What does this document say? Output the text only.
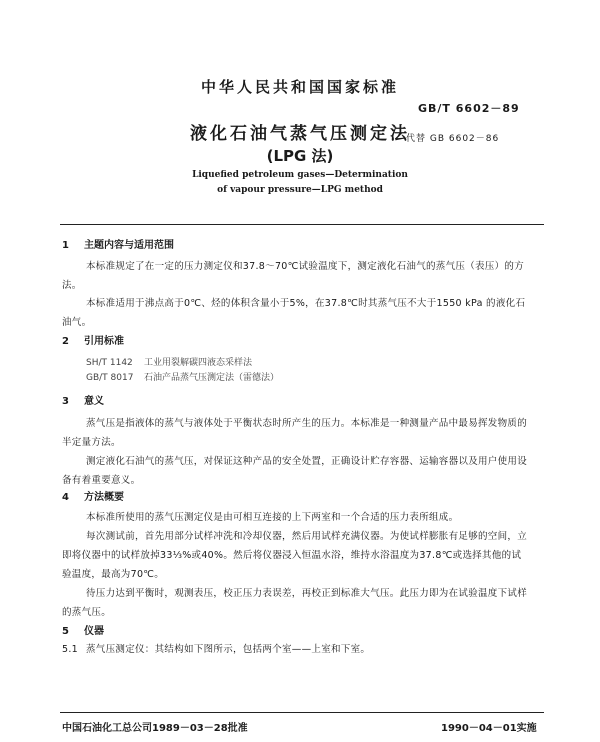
中华人民共和国国家标准
GB/T 6602－89
液化石油气蒸气压测定法
代替 GB 6602－86
(LPG 法)
Liquefied petroleum gases—Determination
of vapour pressure—LPG method
1 主题内容与适用范围
本标准规定了在一定的压力测定仪和37.8～70℃试验温度下，测定液化石油气的蒸气压（表压）的方法。
本标准适用于沸点高于0℃、烃的体积含量小于5%，在37.8℃时其蒸气压不大于1550 kPa 的液化石油气。
2 引用标准
SH/T 1142 工业用裂解碳四液态采样法
GB/T 8017 石油产品蒸气压测定法（雷德法）
3 意义
蒸气压是指液体的蒸气与液体处于平衡状态时所产生的压力。本标准是一种测量产品中最易挥发物质的半定量方法。
测定液化石油气的蒸气压，对保证这种产品的安全处置，正确设计贮存容器、运输容器以及用户使用设备有着重要意义。
4 方法概要
本标准所使用的蒸气压测定仪是由可相互连接的上下两室和一个合适的压力表所组成。
每次测试前，首先用部分试样冲洗和冷却仪器，然后用试样充满仪器。为使试样膨胀有足够的空间，立即将仪器中的试样放掉33⅓%或40%。然后将仪器浸入恒温水浴，维持水浴温度为37.8℃或选择其他的试验温度，最高为70℃。
待压力达到平衡时，观测表压，校正压力表误差，再校正到标准大气压。此压力即为在试验温度下试样的蒸气压。
5 仪器
5.1 蒸气压测定仪：其结构如下图所示，包括两个室——上室和下室。
中国石油化工总公司1989－03－28批准	1990－04－01实施
